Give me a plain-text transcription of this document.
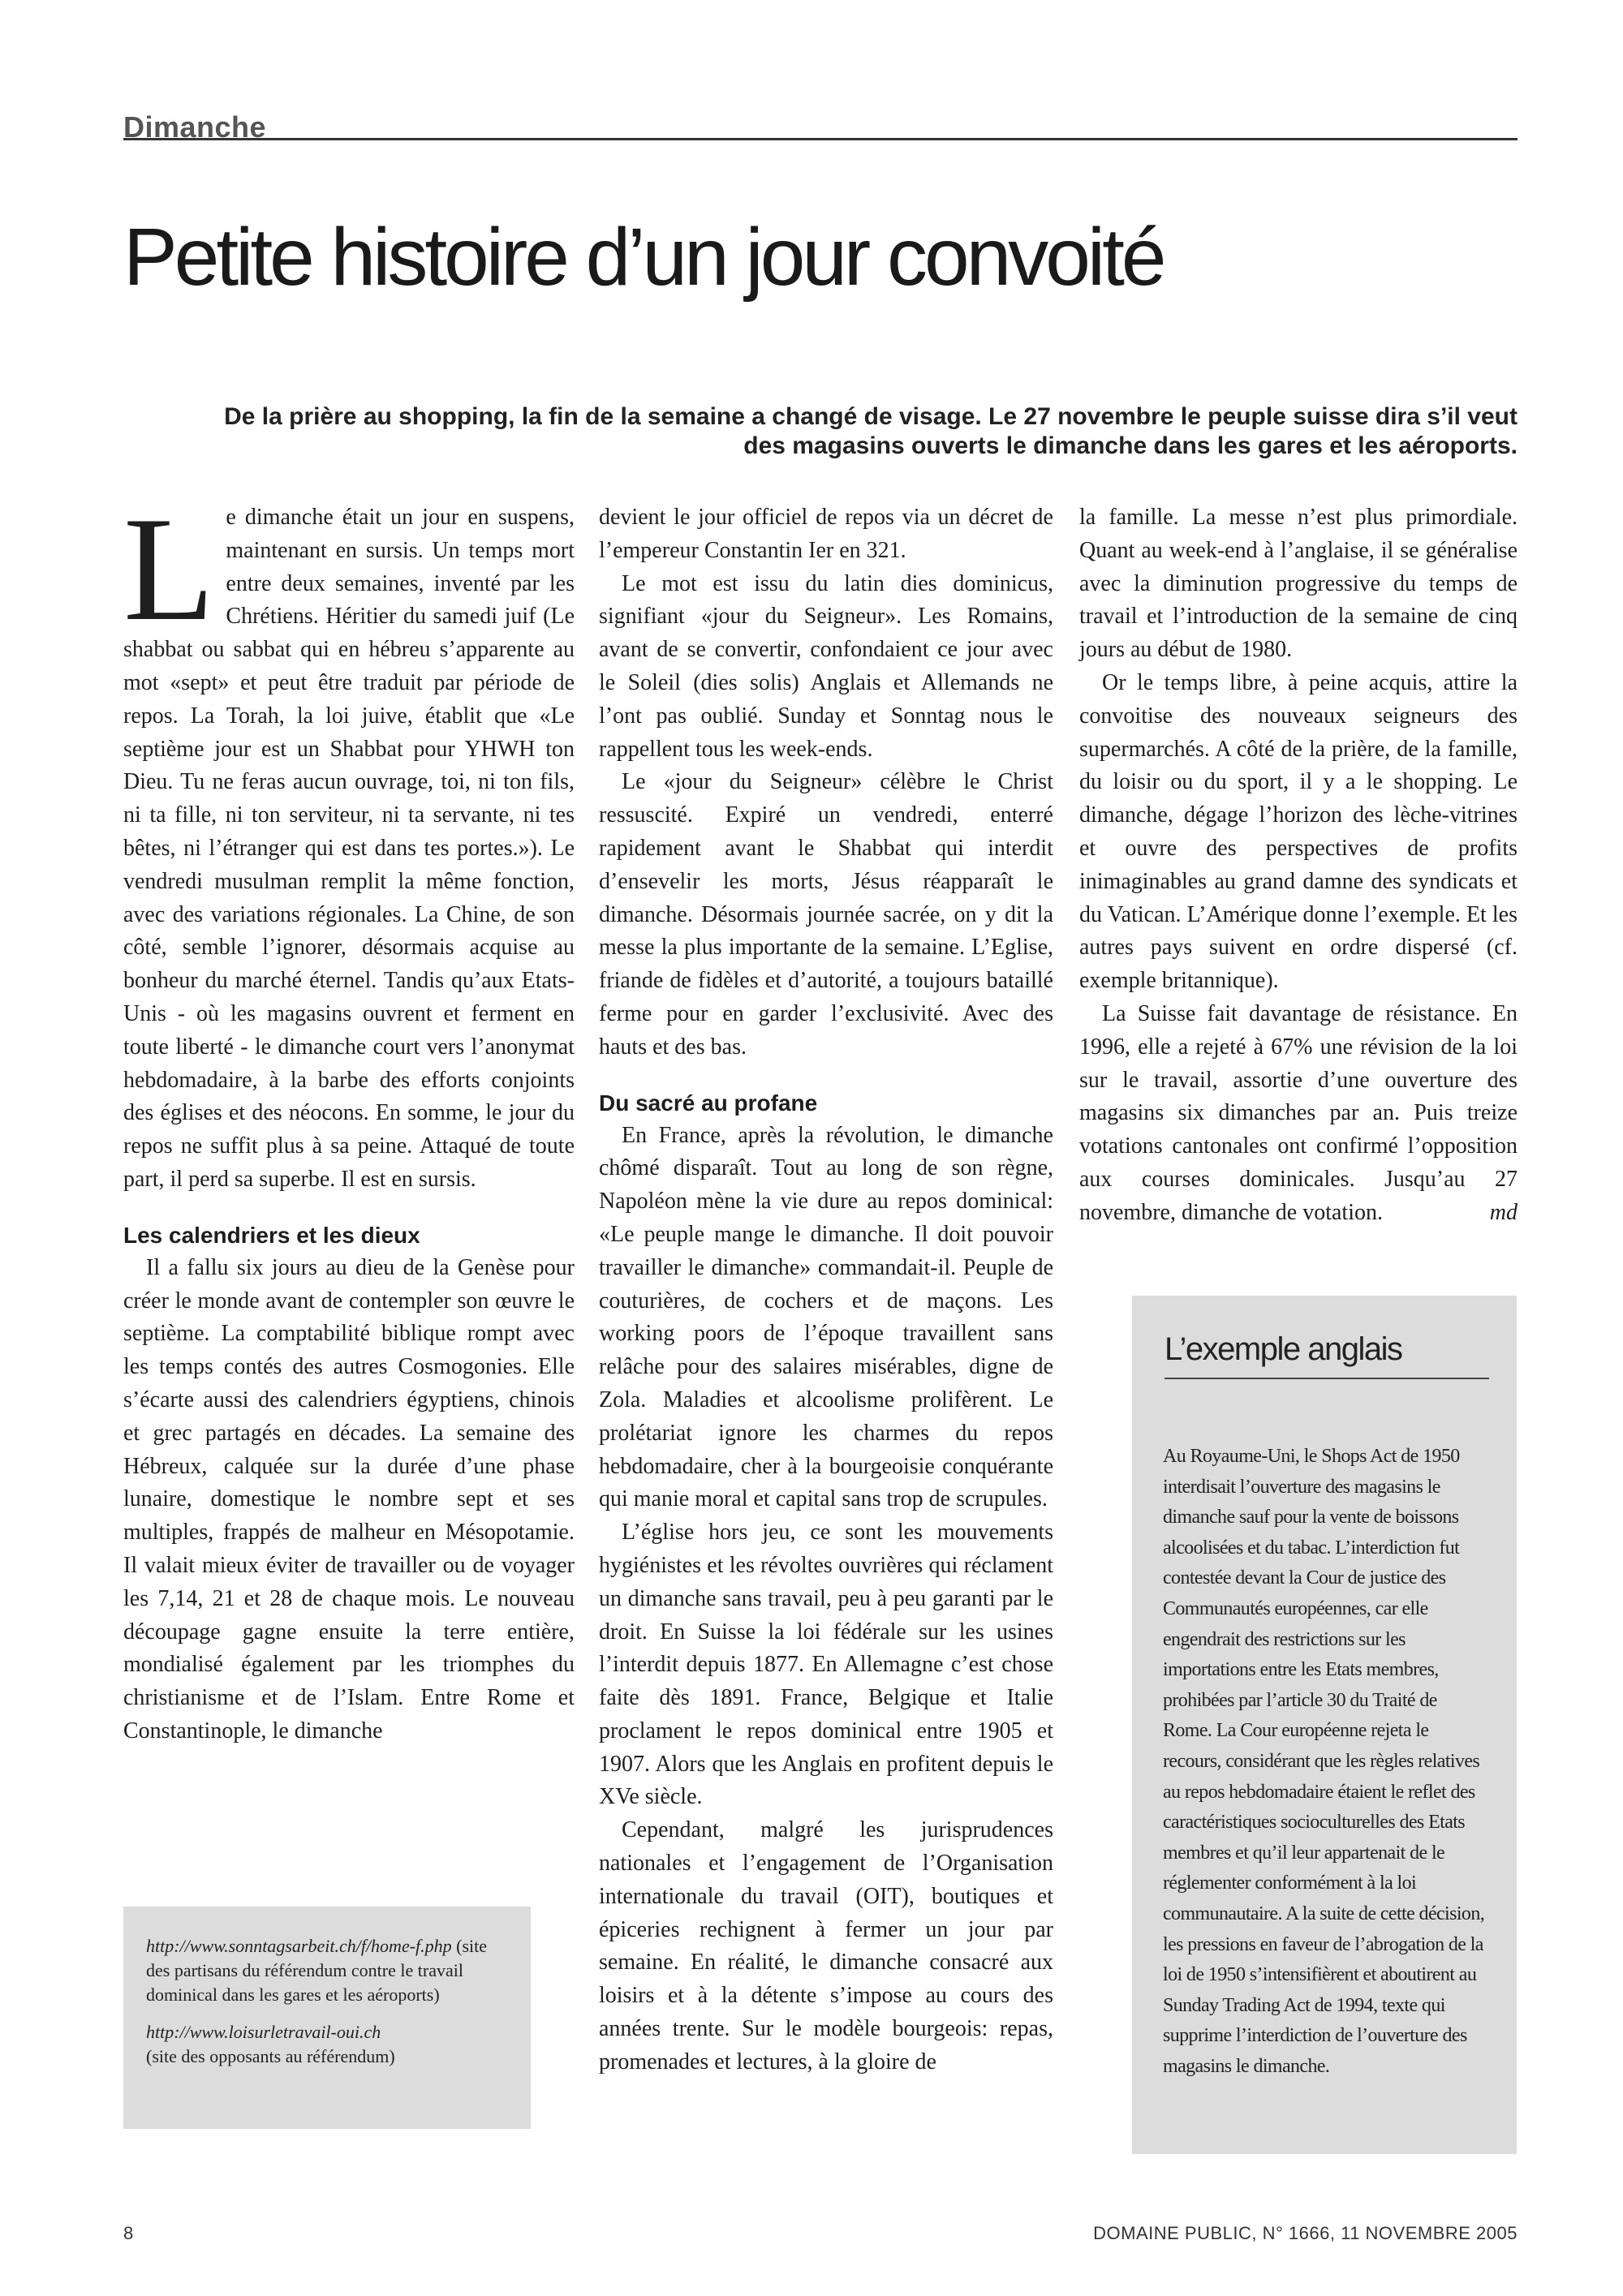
Dimanche
Petite histoire d’un jour convoité

De la prière au shopping, la fin de la semaine a changé de visage. Le 27 novembre le peuple suisse dira s’il veut des magasins ouverts le dimanche dans les gares et les aéroports.

Le dimanche était un jour en suspens, maintenant en sursis. Un temps mort entre deux semaines, inventé par les Chrétiens. Héritier du samedi juif (Le shabbat ou sabbat qui en hébreu s’apparente au mot «sept» et peut être traduit par période de repos. La Torah, la loi juive, établit que «Le septième jour est un Shabbat pour YHWH ton Dieu. Tu ne feras aucun ouvrage, toi, ni ton fils, ni ta fille, ni ton serviteur, ni ta servante, ni tes bêtes, ni l’étranger qui est dans tes portes.»). Le vendredi musulman remplit la même fonction, avec des variations régionales. La Chine, de son côté, semble l’ignorer, désormais acquise au bonheur du marché éternel. Tandis qu’aux Etats-Unis - où les magasins ouvrent et ferment en toute liberté - le dimanche court vers l’anonymat hebdomadaire, à la barbe des efforts conjoints des églises et des néocons. En somme, le jour du repos ne suffit plus à sa peine. Attaqué de toute part, il perd sa superbe. Il est en sursis.

Les calendriers et les dieux

Il a fallu six jours au dieu de la Genèse pour créer le monde avant de contempler son œuvre le septième. La comptabilité biblique rompt avec les temps contés des autres Cosmogonies. Elle s’écarte aussi des calendriers égyptiens, chinois et grec partagés en décades. La semaine des Hébreux, calquée sur la durée d’une phase lunaire, domestique le nombre sept et ses multiples, frappés de malheur en Mésopotamie. Il valait mieux éviter de travailler ou de voyager les 7,14, 21 et 28 de chaque mois. Le nouveau découpage gagne ensuite la terre entière, mondialisé également par les triomphes du christianisme et de l’Islam. Entre Rome et Constantinople, le dimanche

devient le jour officiel de repos via un décret de l’empereur Constantin Ier en 321.

Le mot est issu du latin dies dominicus, signifiant «jour du Seigneur». Les Romains, avant de se convertir, confondaient ce jour avec le Soleil (dies solis) Anglais et Allemands ne l’ont pas oublié. Sunday et Sonntag nous le rappellent tous les week-ends.

Le «jour du Seigneur» célèbre le Christ ressuscité. Expiré un vendredi, enterré rapidement avant le Shabbat qui interdit d’ensevelir les morts, Jésus réapparaît le dimanche. Désormais journée sacrée, on y dit la messe la plus importante de la semaine. L’Eglise, friande de fidèles et d’autorité, a toujours bataillé ferme pour en garder l’exclusivité. Avec des hauts et des bas.

Du sacré au profane

En France, après la révolution, le dimanche chômé disparaît. Tout au long de son règne, Napoléon mène la vie dure au repos dominical: «Le peuple mange le dimanche. Il doit pouvoir travailler le dimanche» commandait-il. Peuple de couturières, de cochers et de maçons. Les working poors de l’époque travaillent sans relâche pour des salaires misérables, digne de Zola. Maladies et alcoolisme prolifèrent. Le prolétariat ignore les charmes du repos hebdomadaire, cher à la bourgeoisie conquérante qui manie moral et capital sans trop de scrupules.

L’église hors jeu, ce sont les mouvements hygiénistes et les révoltes ouvrières qui réclament un dimanche sans travail, peu à peu garanti par le droit. En Suisse la loi fédérale sur les usines l’interdit depuis 1877. En Allemagne c’est chose faite dès 1891. France, Belgique et Italie proclament le repos dominical entre 1905 et 1907. Alors que les Anglais en profitent depuis le XVe siècle.

Cependant, malgré les jurisprudences nationales et l’engagement de l’Organisation internationale du travail (OIT), boutiques et épiceries rechignent à fermer un jour par semaine. En réalité, le dimanche consacré aux loisirs et à la détente s’impose au cours des années trente. Sur le modèle bourgeois: repas, promenades et lectures, à la gloire de

la famille. La messe n’est plus primordiale. Quant au week-end à l’anglaise, il se généralise avec la diminution progressive du temps de travail et l’introduction de la semaine de cinq jours au début de 1980.

Or le temps libre, à peine acquis, attire la convoitise des nouveaux seigneurs des supermarchés. A côté de la prière, de la famille, du loisir ou du sport, il y a le shopping. Le dimanche, dégage l’horizon des lèche-vitrines et ouvre des perspectives de profits inimaginables au grand damne des syndicats et du Vatican. L’Amérique donne l’exemple. Et les autres pays suivent en ordre dispersé (cf. exemple britannique).

La Suisse fait davantage de résistance. En 1996, elle a rejeté à 67% une révision de la loi sur le travail, assortie d’une ouverture des magasins six dimanches par an. Puis treize votations cantonales ont confirmé l’opposition aux courses dominicales. Jusqu’au 27 novembre, dimanche de votation.	md

http://www.sonntagsarbeit.ch/f/home-f.php (site des partisans du référendum contre le travail dominical dans les gares et les aéroports)
http://www.loisurletravail-oui.ch
(site des opposants au référendum)
L’exemple anglais

Au Royaume-Uni, le Shops Act de 1950 interdisait l’ouverture des magasins le dimanche sauf pour la vente de boissons alcoolisées et du tabac. L’interdiction fut contestée devant la Cour de justice des Communautés européennes, car elle engendrait des restrictions sur les importations entre les Etats membres, prohibées par l’article 30 du Traité de Rome. La Cour européenne rejeta le recours, considérant que les règles relatives au repos hebdomadaire étaient le reflet des caractéristiques socioculturelles des Etats membres et qu’il leur appartenait de le réglementer conformément à la loi communautaire. A la suite de cette décision, les pressions en faveur de l’abrogation de la loi de 1950 s’intensifièrent et aboutirent au Sunday Trading Act de 1994, texte qui supprime l’interdiction de l’ouverture des magasins le dimanche.

8	DOMAINE PUBLIC, N° 1666, 11 NOVEMBRE 2005
